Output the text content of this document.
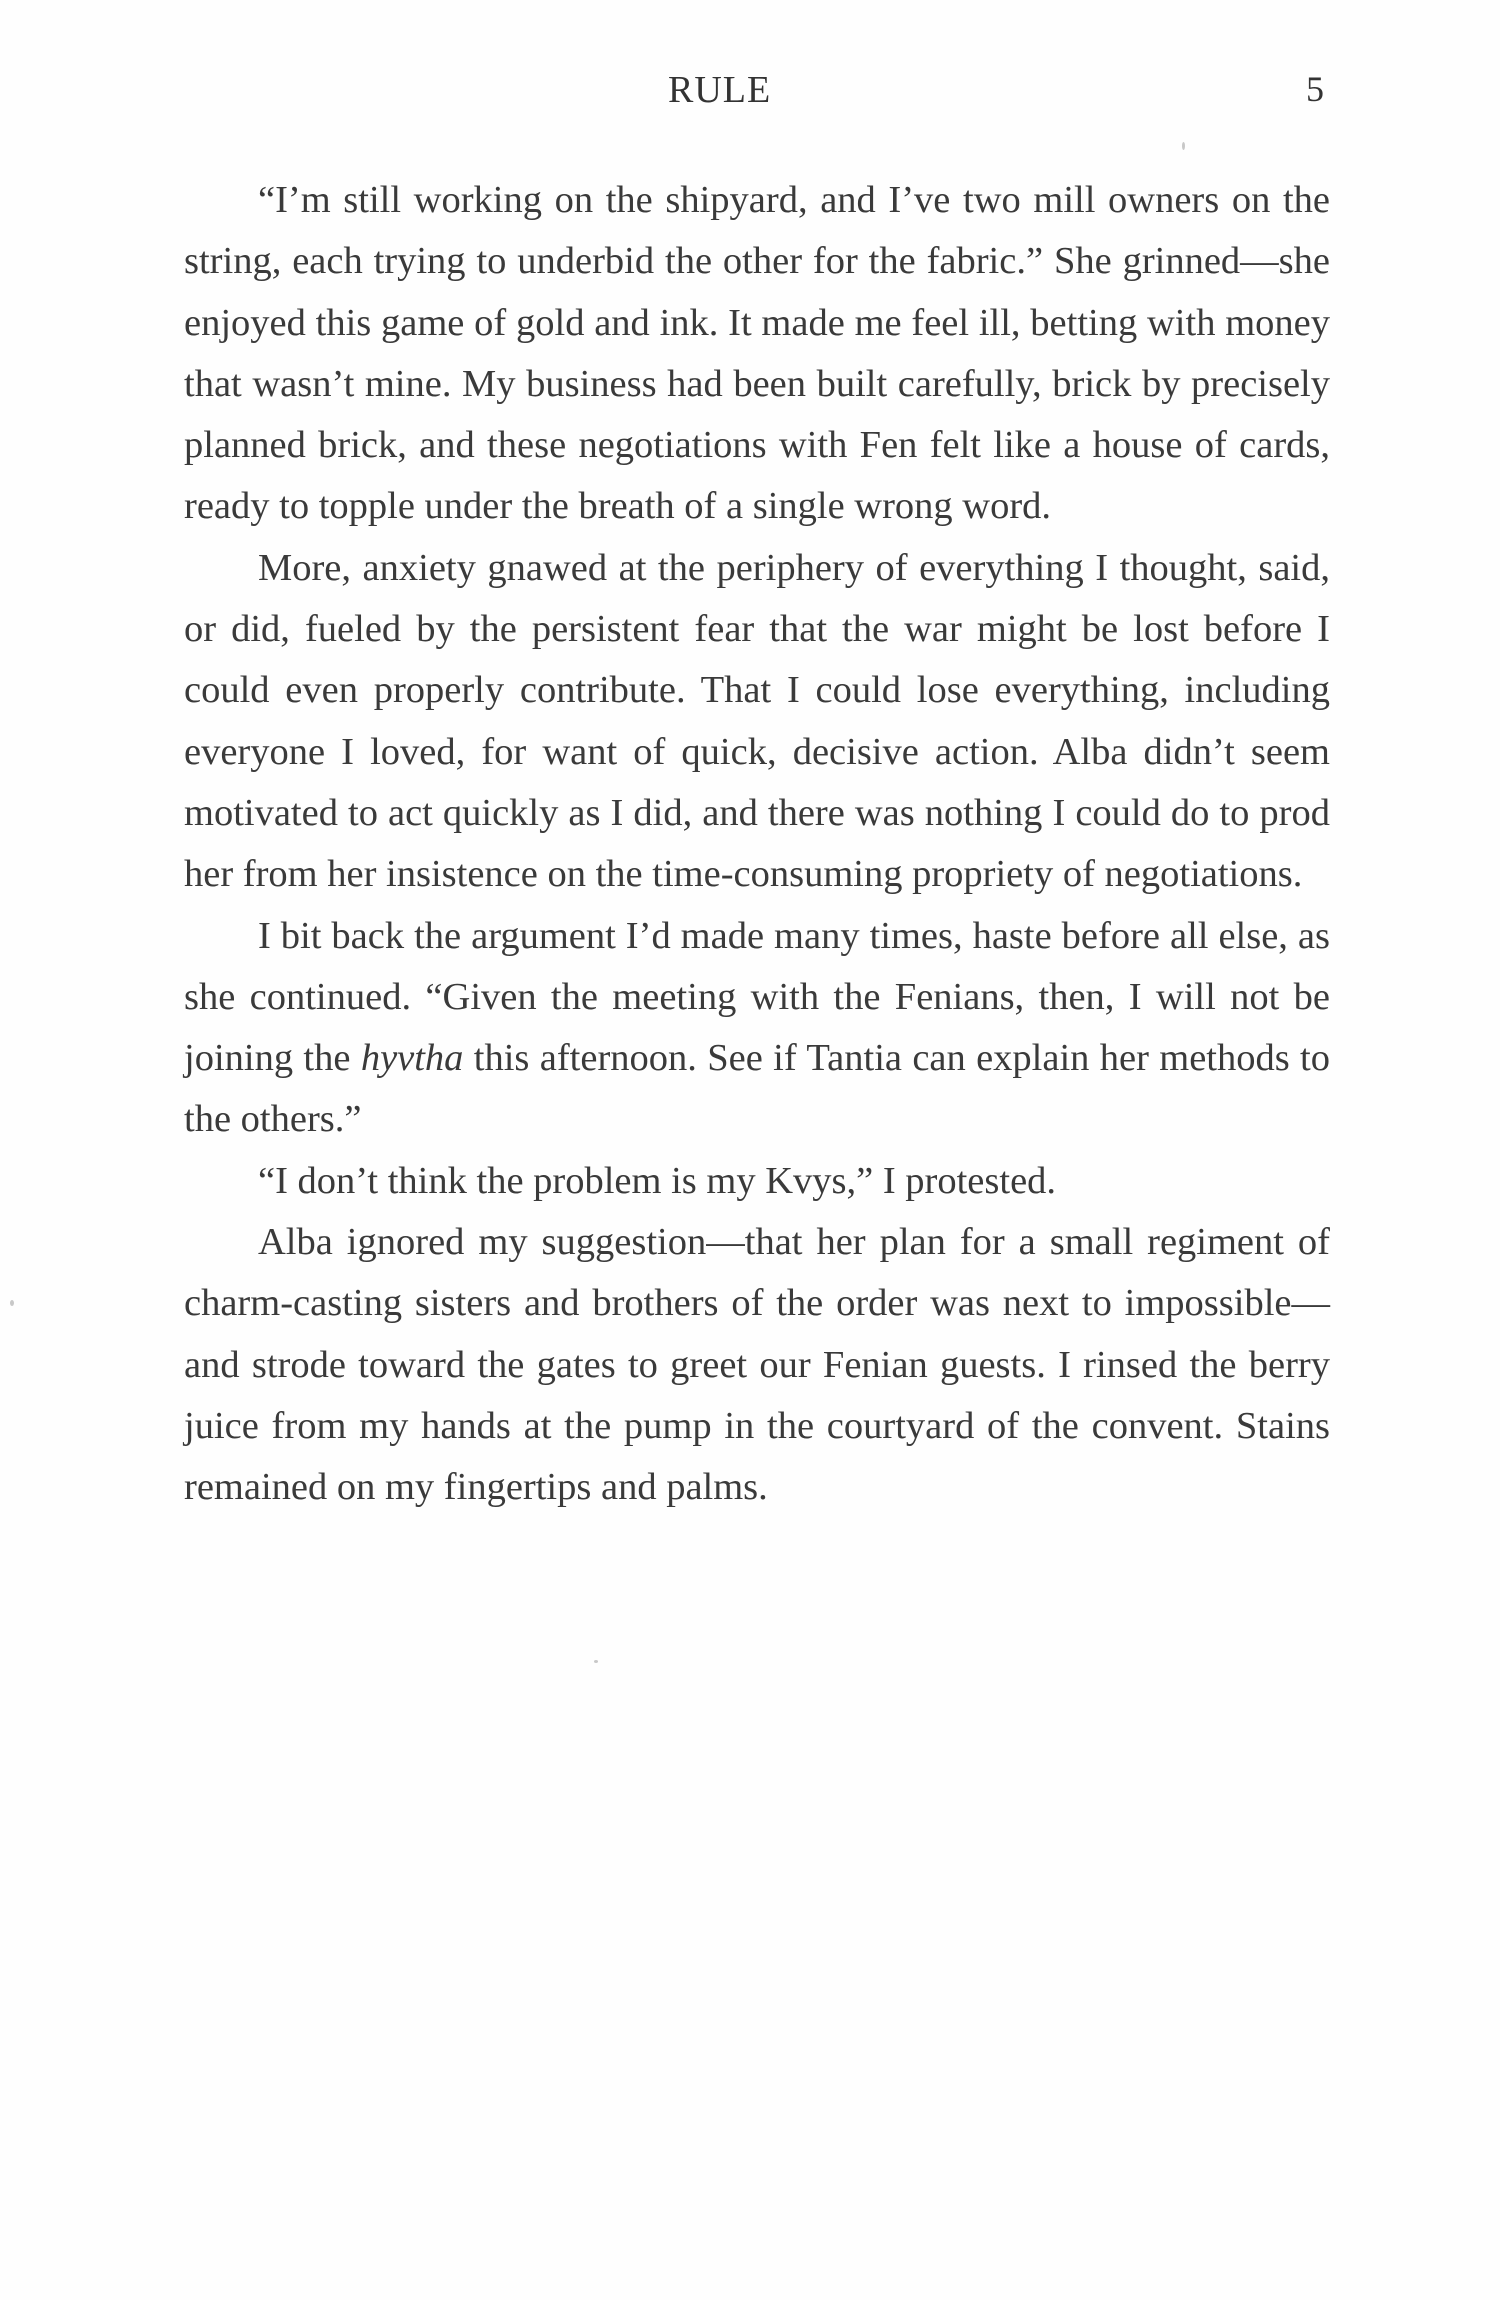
RULE	5

“I’m still working on the shipyard, and I’ve two mill owners on the string, each trying to underbid the other for the fabric.” She grinned—she enjoyed this game of gold and ink. It made me feel ill, betting with money that wasn’t mine. My business had been built carefully, brick by precisely planned brick, and these negotiations with Fen felt like a house of cards, ready to topple under the breath of a single wrong word.

More, anxiety gnawed at the periphery of everything I thought, said, or did, fueled by the persistent fear that the war might be lost before I could even properly contribute. That I could lose everything, including everyone I loved, for want of quick, decisive action. Alba didn’t seem motivated to act quickly as I did, and there was nothing I could do to prod her from her insistence on the time-consuming propriety of negotiations.

I bit back the argument I’d made many times, haste before all else, as she continued. “Given the meeting with the Fenians, then, I will not be joining the hyvtha this afternoon. See if Tantia can explain her methods to the others.”

“I don’t think the problem is my Kvys,” I protested.

Alba ignored my suggestion—that her plan for a small regiment of charm-casting sisters and brothers of the order was next to impossible—and strode toward the gates to greet our Fenian guests. I rinsed the berry juice from my hands at the pump in the courtyard of the convent. Stains remained on my fingertips and palms.
